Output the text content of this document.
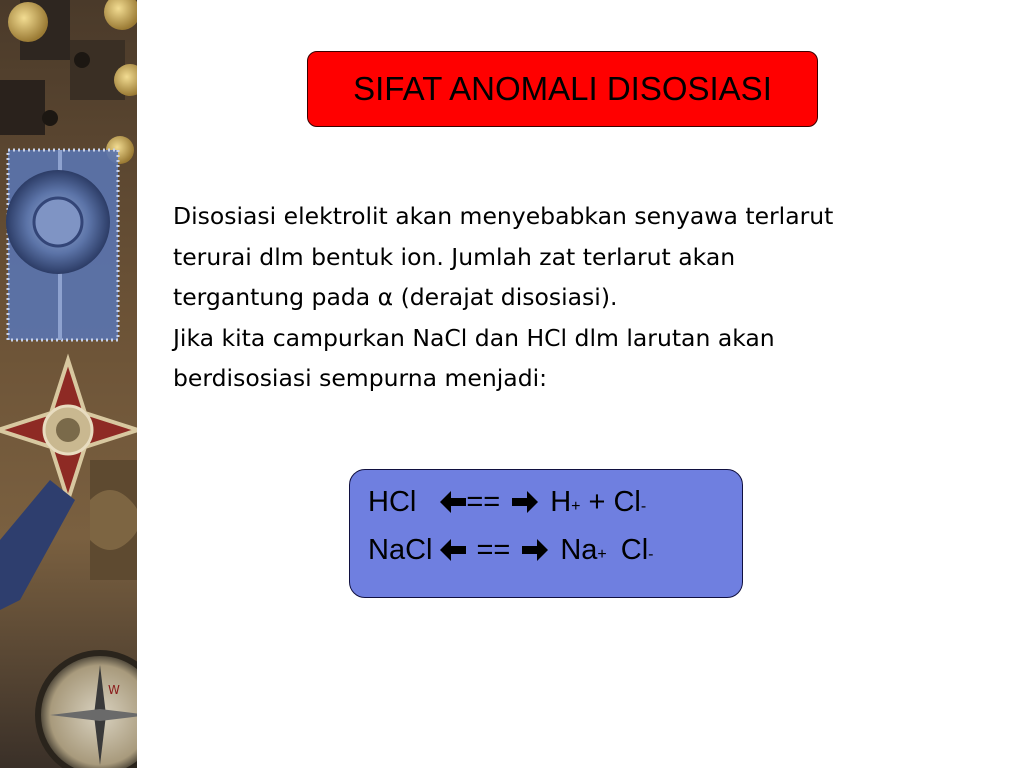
W
SIFAT ANOMALI DISOSIASI

Disosiasi elektrolit akan menyebabkan senyawa terlarut

terurai dlm bentuk ion. Jumlah zat terlarut akan

tergantung pada α (derajat disosiasi).

Jika kita campurkan NaCl dan HCl dlm larutan akan

berdisosiasi sempurna menjadi:

HCl == H + + Cl -
NaCl == Na + Cl -
